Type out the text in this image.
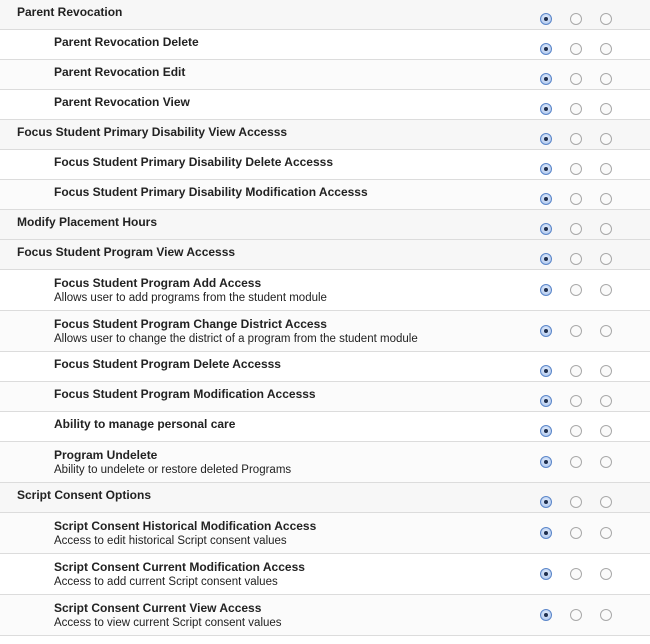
Parent Revocation
Parent Revocation Delete
Parent Revocation Edit
Parent Revocation View
Focus Student Primary Disability View Accesss
Focus Student Primary Disability Delete Accesss
Focus Student Primary Disability Modification Accesss
Modify Placement Hours
Focus Student Program View Accesss
Focus Student Program Add Access
Allows user to add programs from the student module
Focus Student Program Change District Access
Allows user to change the district of a program from the student module
Focus Student Program Delete Accesss
Focus Student Program Modification Accesss
Ability to manage personal care
Program Undelete
Ability to undelete or restore deleted Programs
Script Consent Options
Script Consent Historical Modification Access
Access to edit historical Script consent values
Script Consent Current Modification Access
Access to add current Script consent values
Script Consent Current View Access
Access to view current Script consent values
